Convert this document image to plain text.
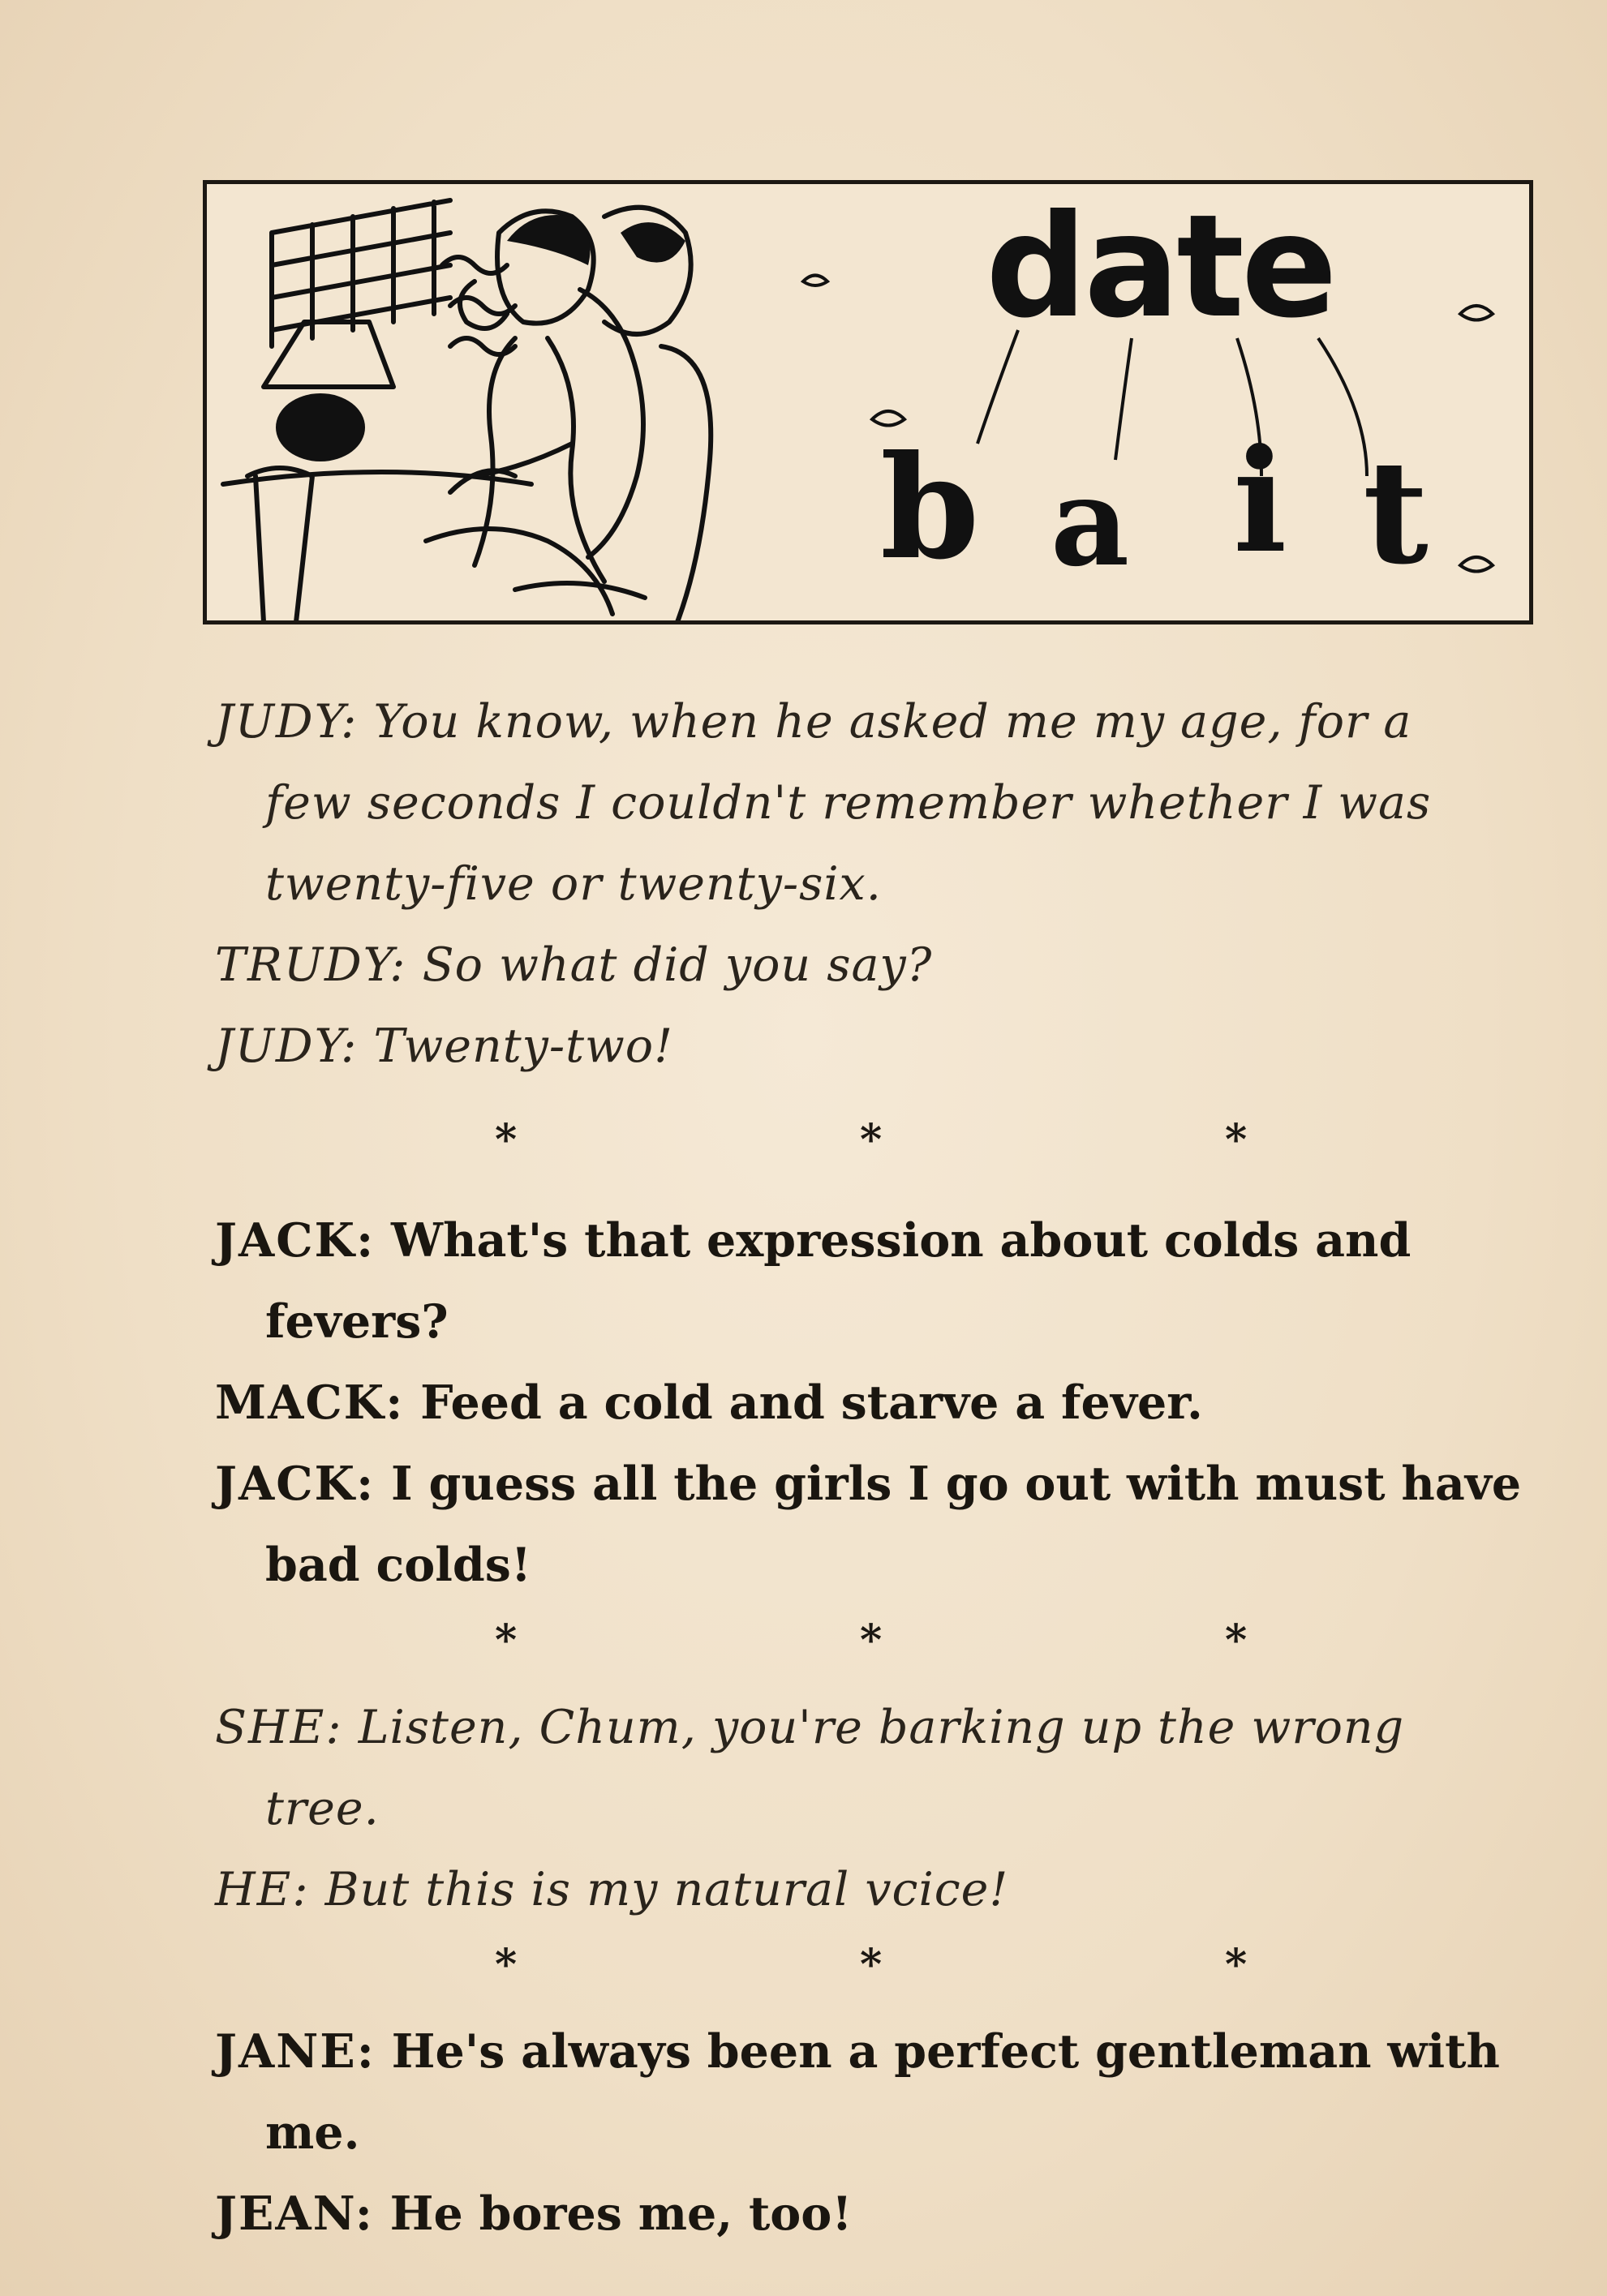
date
b a i t
JUDY: You know, when he asked me my age, for a
few seconds I couldn't remember whether I was
twenty-five or twenty-six.
TRUDY: So what did you say?
JUDY: Twenty-two!
*	*	*
JACK: What's that expression about colds and
fevers?
MACK: Feed a cold and starve a fever.
JACK: I guess all the girls I go out with must have
bad colds!
*	*	*
SHE: Listen, Chum, you're barking up the wrong
tree.
HE: But this is my natural vcice!
*	*	*
JANE: He's always been a perfect gentleman with
me.
JEAN: He bores me, too!
